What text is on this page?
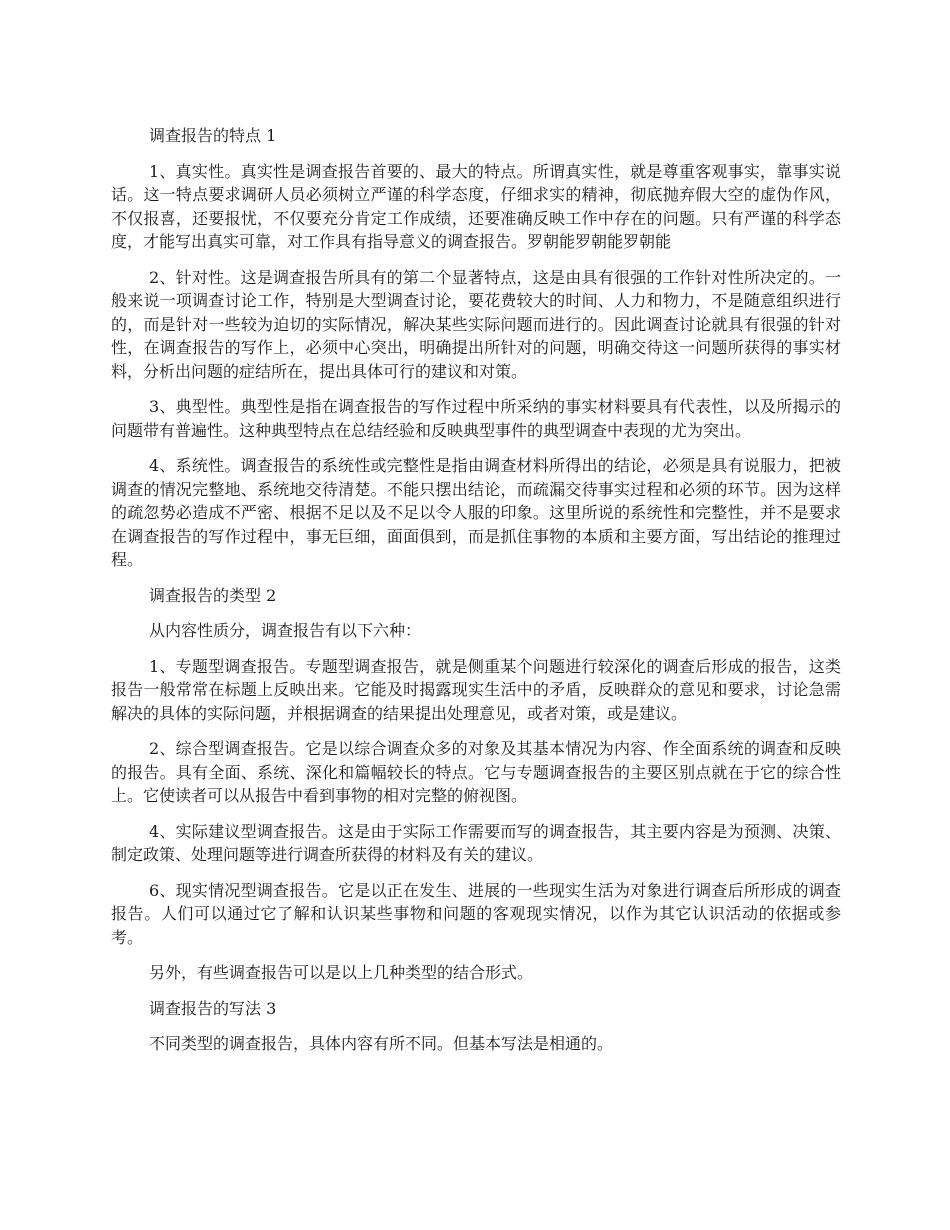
调查报告的特点 1

1、真实性。真实性是调查报告首要的、最大的特点。所谓真实性，就是尊重客观事实，靠事实说话。这一特点要求调研人员必须树立严谨的科学态度，仔细求实的精神，彻底抛弃假大空的虚伪作风，不仅报喜，还要报忧，不仅要充分肯定工作成绩，还要准确反映工作中存在的问题。只有严谨的科学态度，才能写出真实可靠，对工作具有指导意义的调查报告。罗朝能罗朝能罗朝能

2、针对性。这是调查报告所具有的第二个显著特点，这是由具有很强的工作针对性所决定的。一般来说一项调查讨论工作，特别是大型调查讨论，要花费较大的时间、人力和物力，不是随意组织进行的，而是针对一些较为迫切的实际情况，解决某些实际问题而进行的。因此调查讨论就具有很强的针对性，在调查报告的写作上，必须中心突出，明确提出所针对的问题，明确交待这一问题所获得的事实材料，分析出问题的症结所在，提出具体可行的建议和对策。

3、典型性。典型性是指在调查报告的写作过程中所采纳的事实材料要具有代表性，以及所揭示的问题带有普遍性。这种典型特点在总结经验和反映典型事件的典型调查中表现的尤为突出。

4、系统性。调查报告的系统性或完整性是指由调查材料所得出的结论，必须是具有说服力，把被调查的情况完整地、系统地交待清楚。不能只摆出结论，而疏漏交待事实过程和必须的环节。因为这样的疏忽势必造成不严密、根据不足以及不足以令人服的印象。这里所说的系统性和完整性，并不是要求在调查报告的写作过程中，事无巨细，面面俱到，而是抓住事物的本质和主要方面，写出结论的推理过程。

调查报告的类型 2

从内容性质分，调查报告有以下六种：

1、专题型调查报告。专题型调查报告，就是侧重某个问题进行较深化的调查后形成的报告，这类报告一般常常在标题上反映出来。它能及时揭露现实生活中的矛盾，反映群众的意见和要求，讨论急需解决的具体的实际问题，并根据调查的结果提出处理意见，或者对策，或是建议。

2、综合型调查报告。它是以综合调查众多的对象及其基本情况为内容、作全面系统的调查和反映的报告。具有全面、系统、深化和篇幅较长的特点。它与专题调查报告的主要区别点就在于它的综合性上。它使读者可以从报告中看到事物的相对完整的俯视图。

4、实际建议型调查报告。这是由于实际工作需要而写的调查报告，其主要内容是为预测、决策、制定政策、处理问题等进行调查所获得的材料及有关的建议。

6、现实情况型调查报告。它是以正在发生、进展的一些现实生活为对象进行调查后所形成的调查报告。人们可以通过它了解和认识某些事物和问题的客观现实情况，以作为其它认识活动的依据或参考。

另外，有些调查报告可以是以上几种类型的结合形式。

调查报告的写法 3

不同类型的调查报告，具体内容有所不同。但基本写法是相通的。
